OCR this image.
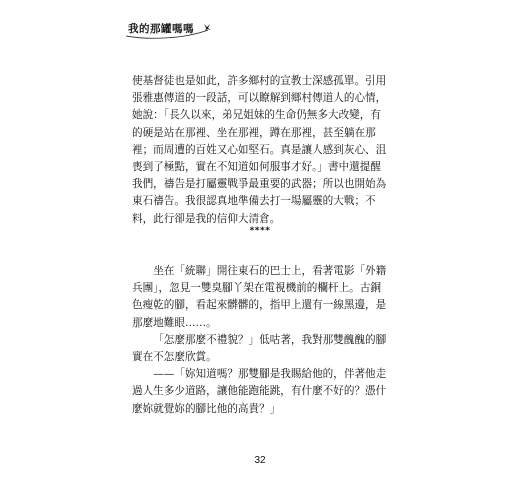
我的那罐嗎嗎

使基督徒也是如此，許多鄉村的宣教士深感孤單。引用張雅惠傳道的一段話，可以瞭解到鄉村傳道人的心情，她說：「長久以來，弟兄姐妹的生命仍無多大改變，有的硬是站在那裡、坐在那裡，蹲在那裡，甚至躺在那裡；而周遭的百姓又心如堅石。真是讓人感到灰心、沮喪到了極點，實在不知道如何服事才好。」書中還提醒我們，禱告是打屬靈戰爭最重要的武器；所以也開始為東石禱告。我很認真地準備去打一場屬靈的大戰；不料，此行卻是我的信仰大清倉。

****

坐在「統聯」開往東石的巴士上，看著電影「外籍兵團」，忽見一雙臭腳丫架在電視機前的欄杆上。古銅色瘦乾的腳，看起來髒髒的，指甲上還有一線黑邊，是那麼地難眼……。

「怎麼那麼不禮貌？」低咕著，我對那雙醜醜的腳實在不怎麼欣賞。

——「妳知道嗎？那雙腳是我賜給他的，伴著他走過人生多少道路，讓他能跑能跳，有什麼不好的？憑什麼妳就覺妳的腳比他的高貴？」

32
